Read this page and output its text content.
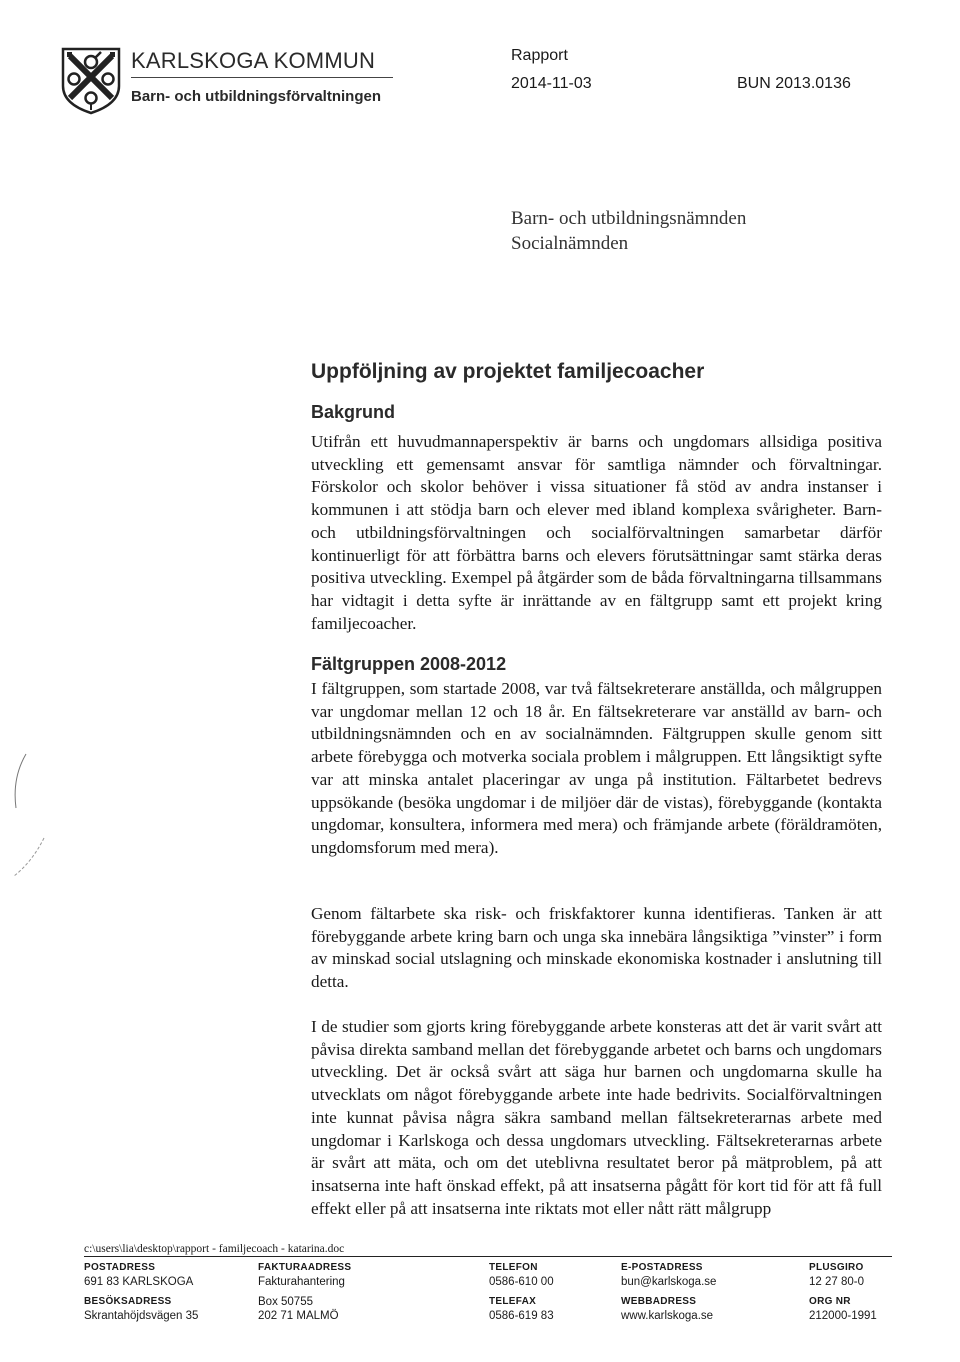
KARLSKOGA KOMMUN
Barn- och utbildningsförvaltningen
Rapport
2014-11-03	BUN 2013.0136
Barn- och utbildningsnämnden
Socialnämnden
Uppföljning av projektet familjecoacher
Bakgrund
Utifrån ett huvudmannaperspektiv är barns och ungdomars allsidiga positiva utveckling ett gemensamt ansvar för samtliga nämnder och förvaltningar. Förskolor och skolor behöver i vissa situationer få stöd av andra instanser i kommunen i att stödja barn och elever med ibland komplexa svårigheter. Barn- och utbildningsförvaltningen och socialförvaltningen samarbetar därför kontinuerligt för att förbättra barns och elevers förutsättningar samt stärka deras positiva utveckling. Exempel på åtgärder som de båda förvaltningarna tillsammans har vidtagit i detta syfte är inrättande av en fältgrupp samt ett projekt kring familjecoacher.
Fältgruppen 2008-2012
I fältgruppen, som startade 2008, var två fältsekreterare anställda, och målgruppen var ungdomar mellan 12 och 18 år. En fältsekreterare var anställd av barn- och utbildningsnämnden och en av socialnämnden. Fältgruppen skulle genom sitt arbete förebygga och motverka sociala problem i målgruppen. Ett långsiktigt syfte var att minska antalet placeringar av unga på institution. Fältarbetet bedrevs uppsökande (besöka ungdomar i de miljöer där de vistas), förebyggande (kontakta ungdomar, konsultera, informera med mera) och främjande arbete (föräldramöten, ungdomsforum med mera).
Genom fältarbete ska risk- och friskfaktorer kunna identifieras. Tanken är att förebyggande arbete kring barn och unga ska innebära långsiktiga ”vinster” i form av minskad social utslagning och minskade ekonomiska kostnader i anslutning till detta.
I de studier som gjorts kring förebyggande arbete konsteras att det är varit svårt att påvisa direkta samband mellan det förebyggande arbetet och barns och ungdomars utveckling. Det är också svårt att säga hur barnen och ungdomarna skulle ha utvecklats om något förebyggande arbete inte hade bedrivits. Socialförvaltningen inte kunnat påvisa några säkra samband mellan fältsekreterarnas arbete med ungdomar i Karlskoga och dessa ungdomars utveckling. Fältsekreterarnas arbete är svårt att mäta, och om det uteblivna resultatet beror på mätproblem, på att insatserna inte haft önskad effekt, på att insatserna pågått för kort tid för att få full effekt eller på att insatserna inte riktats mot eller nått rätt målgrupp
c:\users\lia\desktop\rapport - familjecoach - katarina.doc
POSTADRESS
691 83 KARLSKOGA
BESÖKSADRESS
Skrantahöjdsvägen 35
FAKTURAADRESS
Fakturahantering
Box 50755
202 71 MALMÖ
TELEFON
0586-610 00
TELEFAX
0586-619 83
E-POSTADRESS
bun@karlskoga.se
WEBBADRESS
www.karlskoga.se
PLUSGIRO
12 27 80-0
ORG NR
212000-1991
